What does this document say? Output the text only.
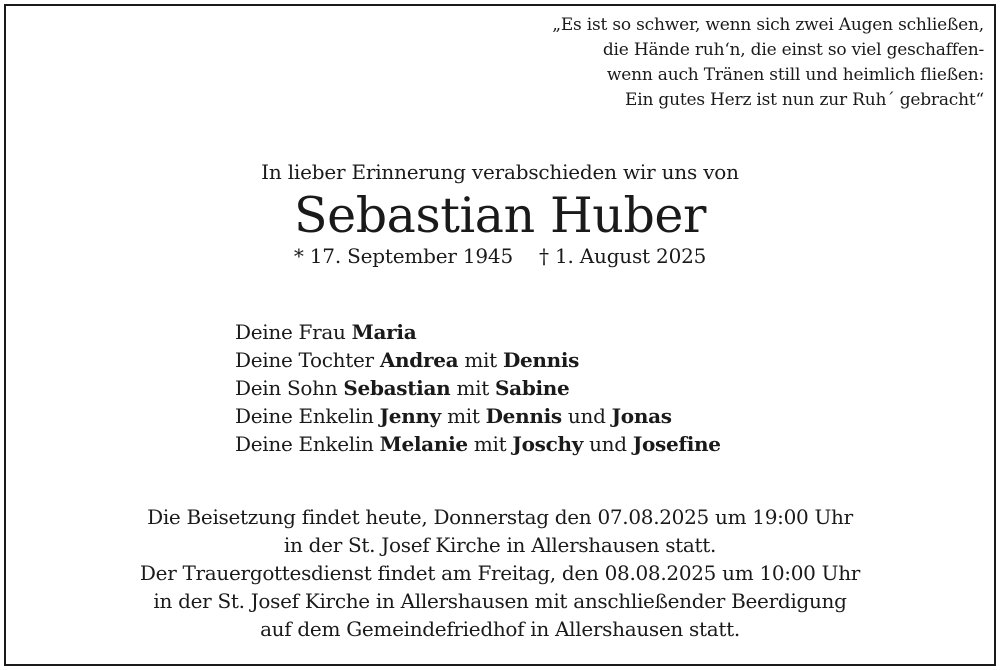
„Es ist so schwer, wenn sich zwei Augen schließen,
die Hände ruh‘n, die einst so viel geschaffen-
wenn auch Tränen still und heimlich fließen:
Ein gutes Herz ist nun zur Ruh´ gebracht“
In lieber Erinnerung verabschieden wir uns von
Sebastian Huber
* 17. September 1945 † 1. August 2025
Deine Frau Maria
Deine Tochter Andrea mit Dennis
Dein Sohn Sebastian mit Sabine
Deine Enkelin Jenny mit Dennis und Jonas
Deine Enkelin Melanie mit Joschy und Josefine
Die Beisetzung findet heute, Donnerstag den 07.08.2025 um 19:00 Uhr
in der St. Josef Kirche in Allershausen statt.
Der Trauergottesdienst findet am Freitag, den 08.08.2025 um 10:00 Uhr
in der St. Josef Kirche in Allershausen mit anschließender Beerdigung
auf dem Gemeindefriedhof in Allershausen statt.
